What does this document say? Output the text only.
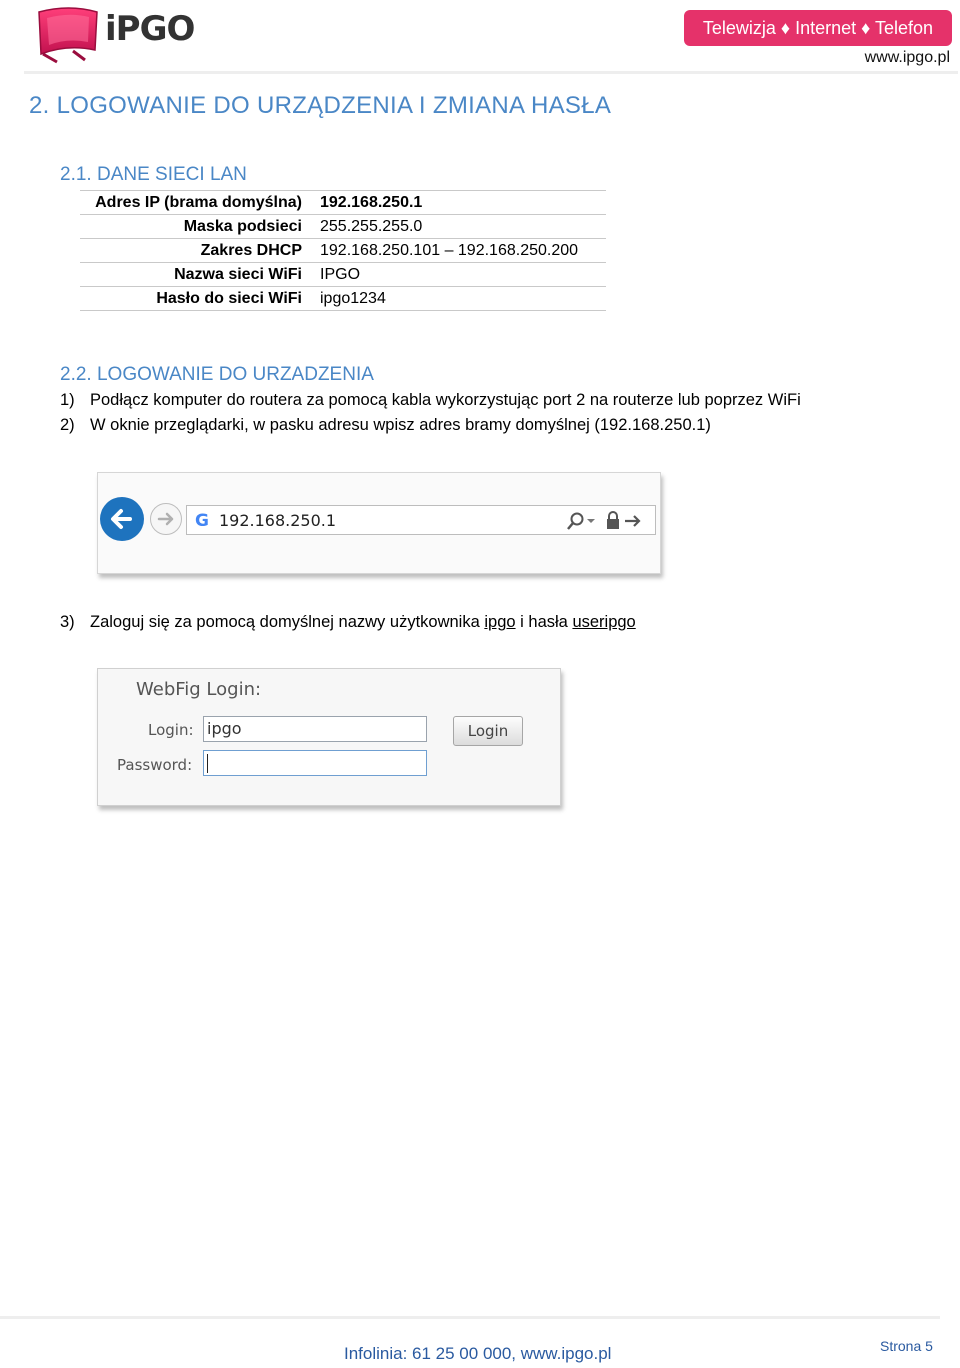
iPGO	Telewizja ♦ Internet ♦ Telefon
www.ipgo.pl
2. LOGOWANIE DO URZĄDZENIA I ZMIANA HASŁA
2.1. DANE SIECI LAN
Adres IP (brama domyślna) 192.168.250.1
Maska podsieci 255.255.255.0
Zakres DHCP 192.168.250.101 – 192.168.250.200
Nazwa sieci WiFi IPGO
Hasło do sieci WiFi ipgo1234
2.2. LOGOWANIE DO URZADZENIA
1) Podłącz komputer do routera za pomocą kabla wykorzystując port 2 na routerze lub poprzez WiFi
2) W oknie przeglądarki, w pasku adresu wpisz adres bramy domyślnej (192.168.250.1)
G 192.168.250.1
3) Zaloguj się za pomocą domyślnej nazwy użytkownika ipgo i hasła useripgo
WebFig Login:
Login: ipgo	Login
Password:
Infolinia: 61 25 00 000, www.ipgo.pl	Strona 5
